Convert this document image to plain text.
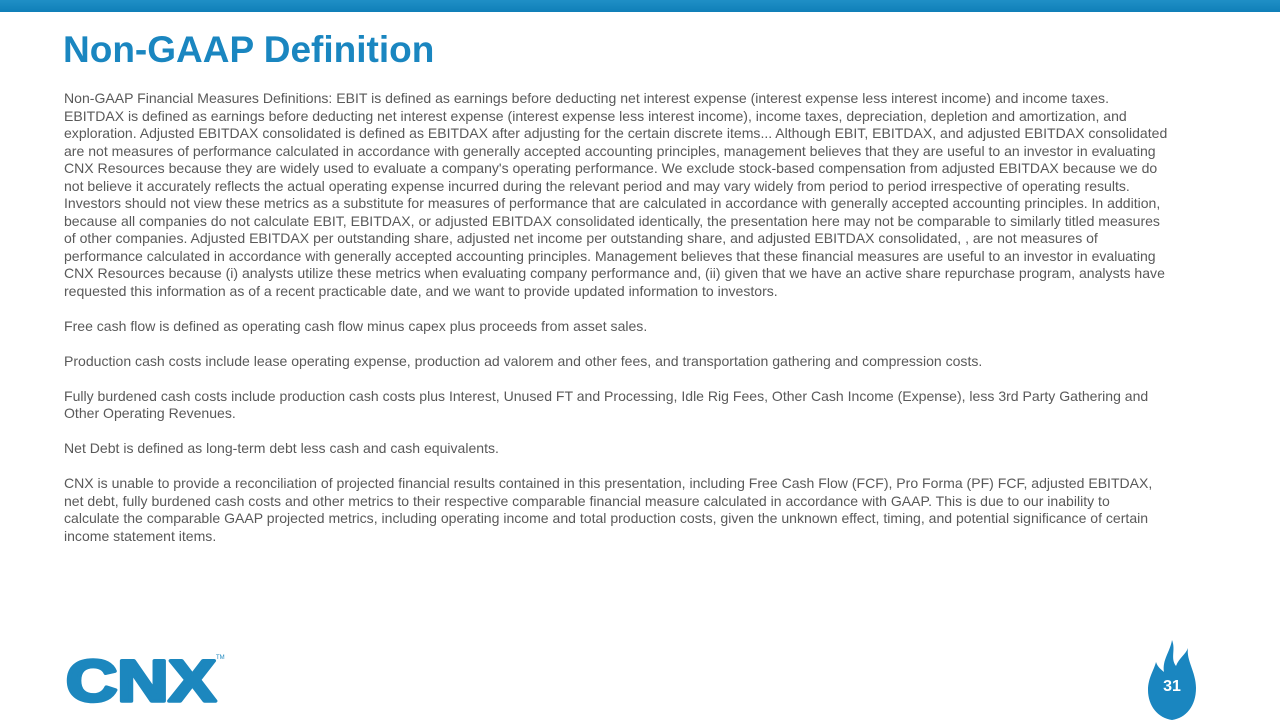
Non-GAAP Definition

Non-GAAP Financial Measures Definitions: EBIT is defined as earnings before deducting net interest expense (interest expense less interest income) and income taxes. EBITDAX is defined as earnings before deducting net interest expense (interest expense less interest income), income taxes, depreciation, depletion and amortization, and exploration. Adjusted EBITDAX consolidated is defined as EBITDAX after adjusting for the certain discrete items... Although EBIT, EBITDAX, and adjusted EBITDAX consolidated are not measures of performance calculated in accordance with generally accepted accounting principles, management believes that they are useful to an investor in evaluating CNX Resources because they are widely used to evaluate a company's operating performance. We exclude stock-based compensation from adjusted EBITDAX because we do not believe it accurately reflects the actual operating expense incurred during the relevant period and may vary widely from period to period irrespective of operating results. Investors should not view these metrics as a substitute for measures of performance that are calculated in accordance with generally accepted accounting principles. In addition, because all companies do not calculate EBIT, EBITDAX, or adjusted EBITDAX consolidated identically, the presentation here may not be comparable to similarly titled measures of other companies. Adjusted EBITDAX per outstanding share, adjusted net income per outstanding share, and adjusted EBITDAX consolidated, , are not measures of performance calculated in accordance with generally accepted accounting principles. Management believes that these financial measures are useful to an investor in evaluating CNX Resources because (i) analysts utilize these metrics when evaluating company performance and, (ii) given that we have an active share repurchase program, analysts have requested this information as of a recent practicable date, and we want to provide updated information to investors.

Free cash flow is defined as operating cash flow minus capex plus proceeds from asset sales.

Production cash costs include lease operating expense, production ad valorem and other fees, and transportation gathering and compression costs.

Fully burdened cash costs include production cash costs plus Interest, Unused FT and Processing, Idle Rig Fees, Other Cash Income (Expense), less 3rd Party Gathering and Other Operating Revenues.

Net Debt is defined as long-term debt less cash and cash equivalents.

CNX is unable to provide a reconciliation of projected financial results contained in this presentation, including Free Cash Flow (FCF), Pro Forma (PF) FCF, adjusted EBITDAX, net debt, fully burdened cash costs and other metrics to their respective comparable financial measure calculated in accordance with GAAP. This is due to our inability to calculate the comparable GAAP projected metrics, including operating income and total production costs, given the unknown effect, timing, and potential significance of certain income statement items.

CNX TM
31
